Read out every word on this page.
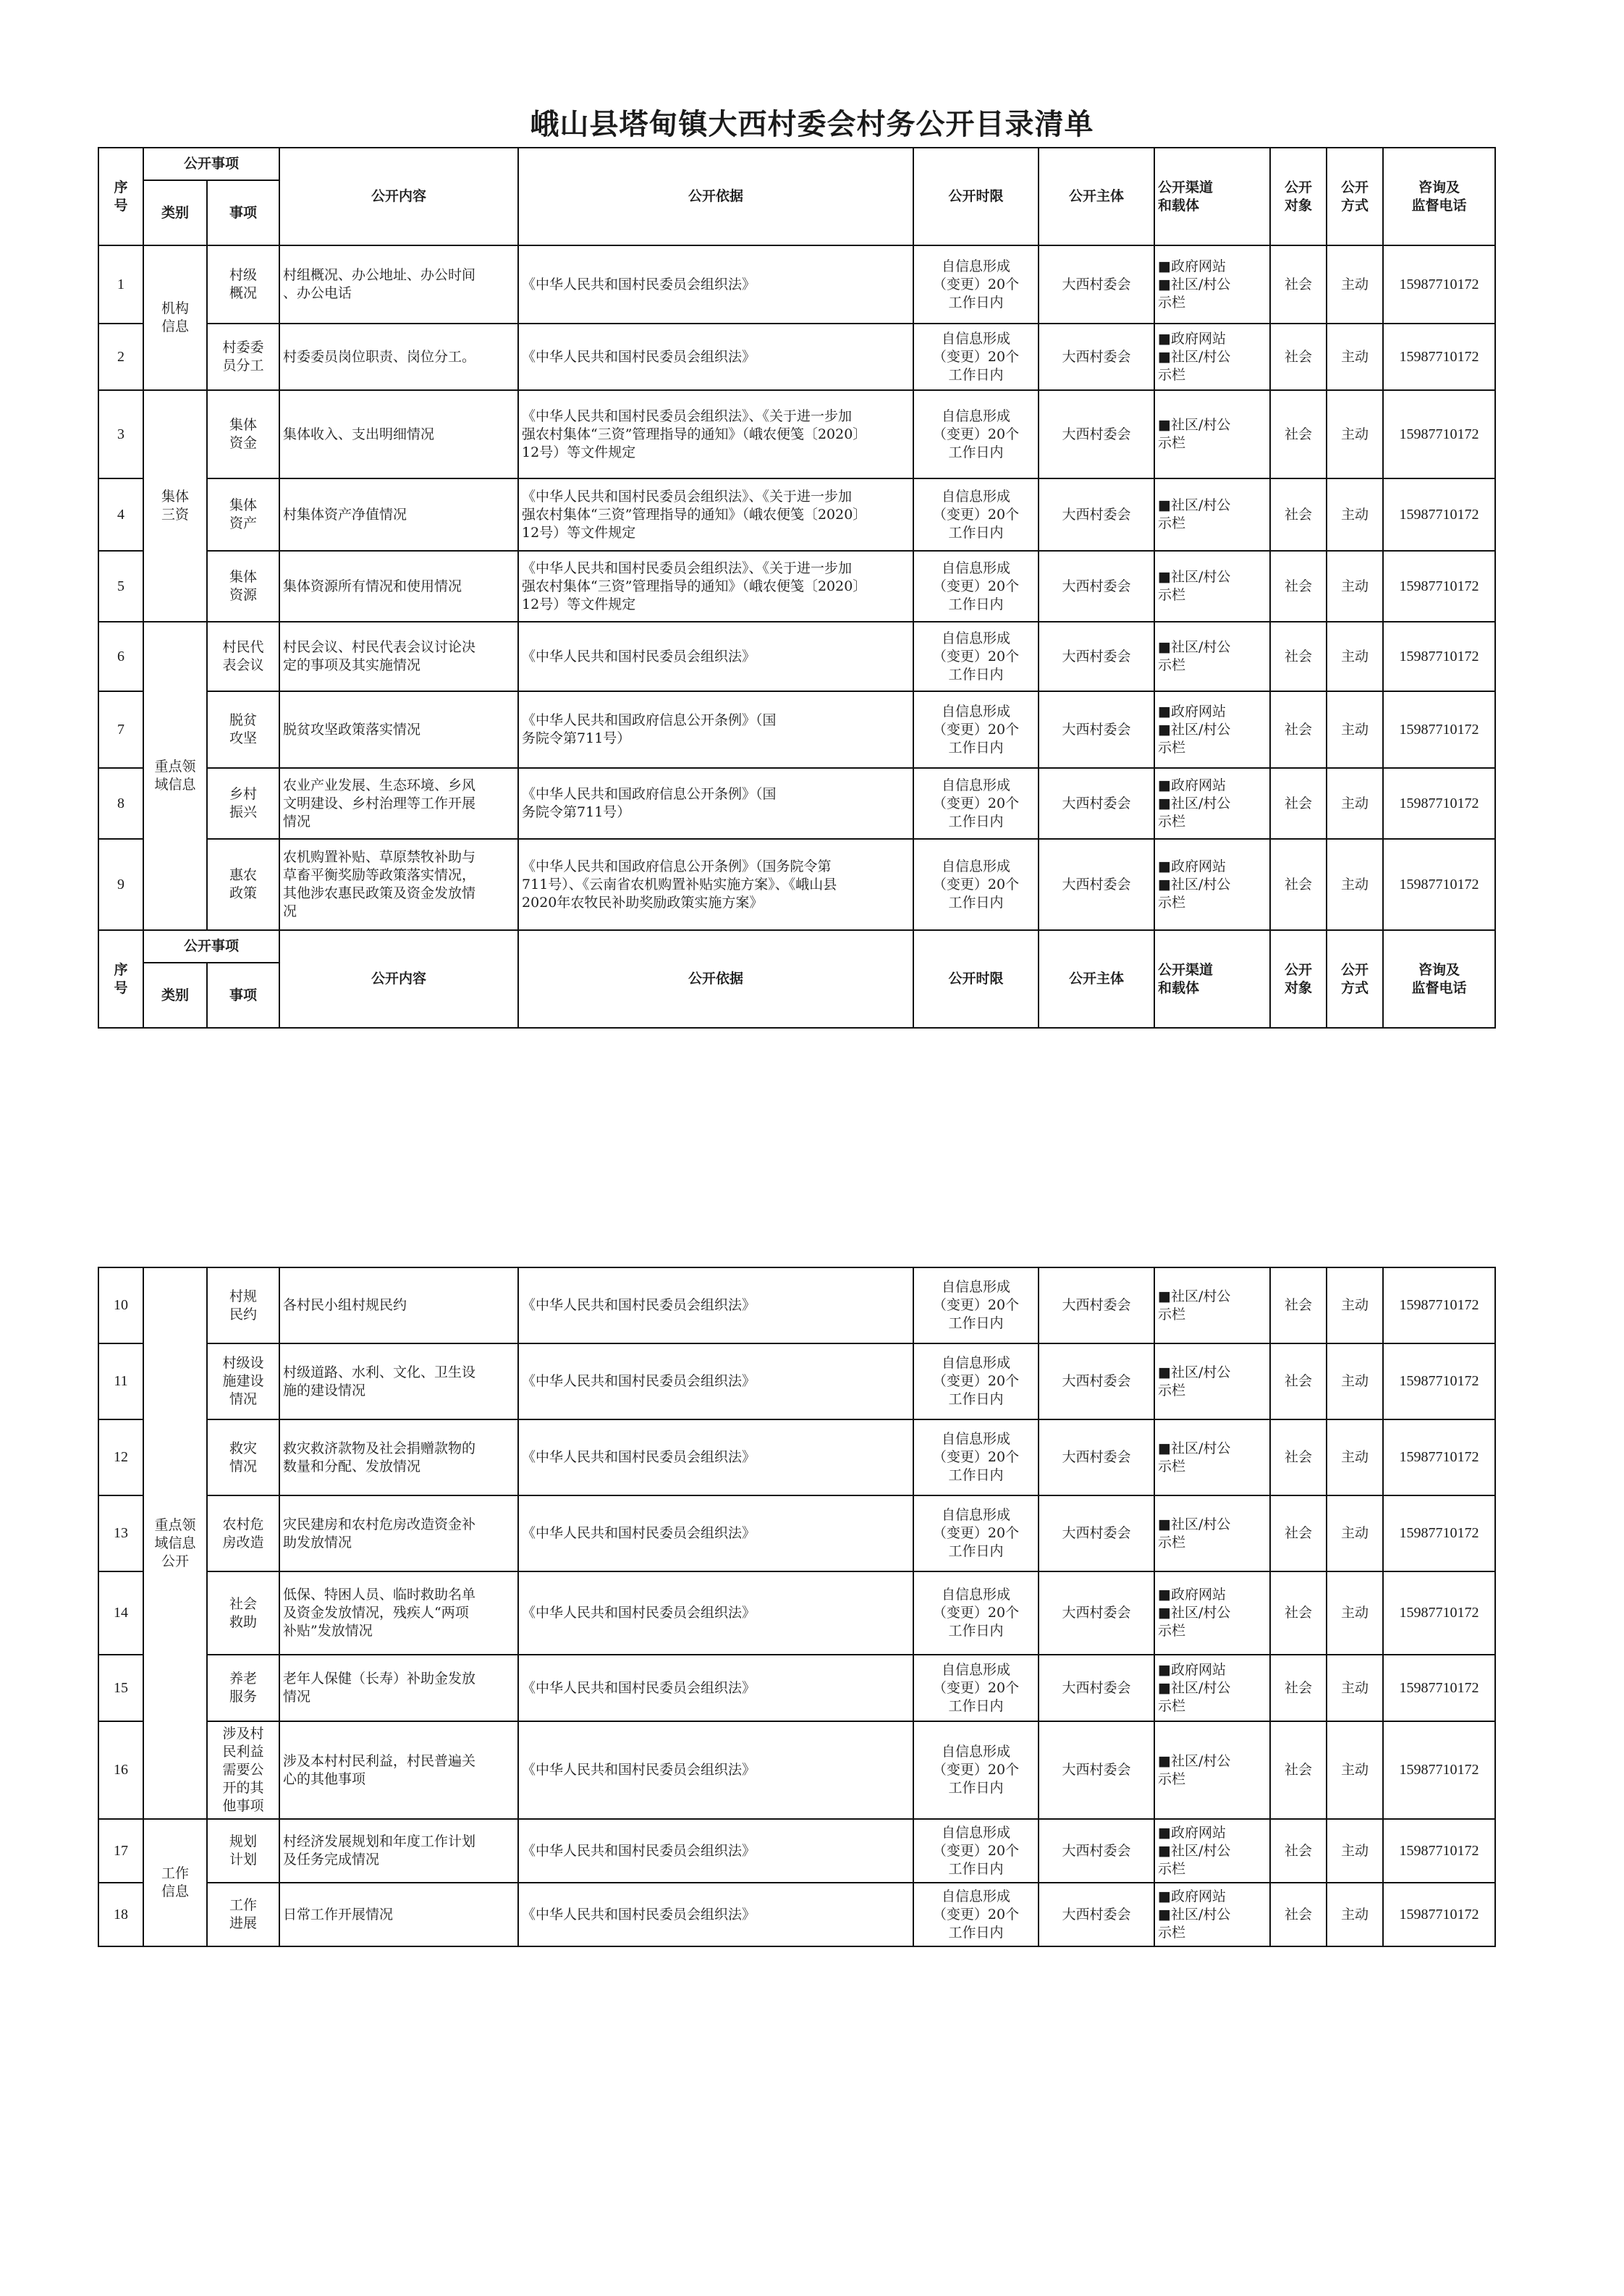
峨山县塔甸镇大西村委会村务公开目录清单
序
号	公开事项		公开内容	公开依据	公开时限	公开主体	公开渠道
和载体	公开
对象	公开
方式	咨询及
监督电话
	类别	事项								
1	机构
信息	村级
概况	村组概况、办公地址、办公时间
、办公电话	《中华人民共和国村民委员会组织法》	自信息形成
（变更）20个
工作日内	大西村委会	■政府网站
■社区/村公
示栏	社会	主动	15987710172
2		村委委
员分工	村委委员岗位职责、岗位分工。	《中华人民共和国村民委员会组织法》	自信息形成
（变更）20个
工作日内	大西村委会	■政府网站
■社区/村公
示栏	社会	主动	15987710172
3	集体
三资	集体
资金	集体收入、支出明细情况	《中华人民共和国村民委员会组织法》、《关于进一步加
强农村集体“三资”管理指导的通知》（峨农便笺〔2020〕
12号）等文件规定	自信息形成
（变更）20个
工作日内	大西村委会	■社区/村公
示栏	社会	主动	15987710172
4		集体
资产	村集体资产净值情况	《中华人民共和国村民委员会组织法》、《关于进一步加
强农村集体“三资”管理指导的通知》（峨农便笺〔2020〕
12号）等文件规定	自信息形成
（变更）20个
工作日内	大西村委会	■社区/村公
示栏	社会	主动	15987710172
5		集体
资源	集体资源所有情况和使用情况	《中华人民共和国村民委员会组织法》、《关于进一步加
强农村集体“三资”管理指导的通知》（峨农便笺〔2020〕
12号）等文件规定	自信息形成
（变更）20个
工作日内	大西村委会	■社区/村公
示栏	社会	主动	15987710172
6	重点领
域信息	村民代
表会议	村民会议、村民代表会议讨论决
定的事项及其实施情况	《中华人民共和国村民委员会组织法》	自信息形成
（变更）20个
工作日内	大西村委会	■社区/村公
示栏	社会	主动	15987710172
7		脱贫
攻坚	脱贫攻坚政策落实情况	《中华人民共和国政府信息公开条例》（国
务院令第711号）	自信息形成
（变更）20个
工作日内	大西村委会	■政府网站
■社区/村公
示栏	社会	主动	15987710172
8		乡村
振兴	农业产业发展、生态环境、乡风
文明建设、乡村治理等工作开展
情况	《中华人民共和国政府信息公开条例》（国
务院令第711号）	自信息形成
（变更）20个
工作日内	大西村委会	■政府网站
■社区/村公
示栏	社会	主动	15987710172
9		惠农
政策	农机购置补贴、草原禁牧补助与
草畜平衡奖励等政策落实情况，
其他涉农惠民政策及资金发放情
况	《中华人民共和国政府信息公开条例》（国务院令第
711号）、《云南省农机购置补贴实施方案》、《峨山县
2020年农牧民补助奖励政策实施方案》	自信息形成
（变更）20个
工作日内	大西村委会	■政府网站
■社区/村公
示栏	社会	主动	15987710172
序
号	公开事项		公开内容	公开依据	公开时限	公开主体	公开渠道
和载体	公开
对象	公开
方式	咨询及
监督电话
	类别	事项								
10	重点领
域信息
公开	村规
民约	各村民小组村规民约	《中华人民共和国村民委员会组织法》	自信息形成
（变更）20个
工作日内	大西村委会	■社区/村公
示栏	社会	主动	15987710172
11		村级设
施建设
情况	村级道路、水利、文化、卫生设
施的建设情况	《中华人民共和国村民委员会组织法》	自信息形成
（变更）20个
工作日内	大西村委会	■社区/村公
示栏	社会	主动	15987710172
12		救灾
情况	救灾救济款物及社会捐赠款物的
数量和分配、发放情况	《中华人民共和国村民委员会组织法》	自信息形成
（变更）20个
工作日内	大西村委会	■社区/村公
示栏	社会	主动	15987710172
13		农村危
房改造	灾民建房和农村危房改造资金补
助发放情况	《中华人民共和国村民委员会组织法》	自信息形成
（变更）20个
工作日内	大西村委会	■社区/村公
示栏	社会	主动	15987710172
14		社会
救助	低保、特困人员、临时救助名单
及资金发放情况，残疾人“两项
补贴”发放情况	《中华人民共和国村民委员会组织法》	自信息形成
（变更）20个
工作日内	大西村委会	■政府网站
■社区/村公
示栏	社会	主动	15987710172
15		养老
服务	老年人保健（长寿）补助金发放
情况	《中华人民共和国村民委员会组织法》	自信息形成
（变更）20个
工作日内	大西村委会	■政府网站
■社区/村公
示栏	社会	主动	15987710172
16		涉及村
民利益
需要公
开的其
他事项	涉及本村村民利益，村民普遍关
心的其他事项	《中华人民共和国村民委员会组织法》	自信息形成
（变更）20个
工作日内	大西村委会	■社区/村公
示栏	社会	主动	15987710172
17	工作
信息	规划
计划	村经济发展规划和年度工作计划
及任务完成情况	《中华人民共和国村民委员会组织法》	自信息形成
（变更）20个
工作日内	大西村委会	■政府网站
■社区/村公
示栏	社会	主动	15987710172
18		工作
进展	日常工作开展情况	《中华人民共和国村民委员会组织法》	自信息形成
（变更）20个
工作日内	大西村委会	■政府网站
■社区/村公
示栏	社会	主动	15987710172
